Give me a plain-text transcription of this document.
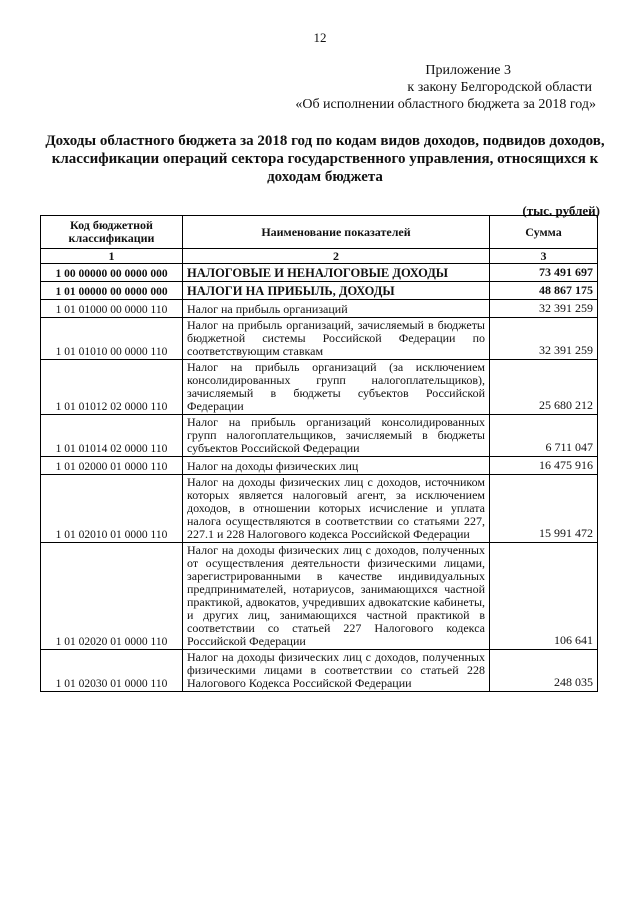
12
Приложение 3
к закону Белгородской области
«Об исполнении областного бюджета за 2018 год»
Доходы областного бюджета за 2018 год по кодам видов доходов, подвидов доходов, классификации операций сектора государственного управления, относящихся к доходам бюджета
(тыс. рублей)
Код бюджетной классификации	Наименование показателей	Сумма
1	2	3
1 00 00000 00 0000 000	НАЛОГОВЫЕ И НЕНАЛОГОВЫЕ ДОХОДЫ	73 491 697
1 01 00000 00 0000 000	НАЛОГИ НА ПРИБЫЛЬ, ДОХОДЫ	48 867 175
1 01 01000 00 0000 110	Налог на прибыль организаций	32 391 259
1 01 01010 00 0000 110	Налог на прибыль организаций, зачисляемый в бюджеты бюджетной системы Российской Федерации по соответствующим ставкам	32 391 259
1 01 01012 02 0000 110	Налог на прибыль организаций (за исключением консолидированных групп налогоплательщиков), зачисляемый в бюджеты субъектов Российской Федерации	25 680 212
1 01 01014 02 0000 110	Налог на прибыль организаций консолидированных групп налогоплательщиков, зачисляемый в бюджеты субъектов Российской Федерации	6 711 047
1 01 02000 01 0000 110	Налог на доходы физических лиц	16 475 916
1 01 02010 01 0000 110	Налог на доходы физических лиц с доходов, источником которых является налоговый агент, за исключением доходов, в отношении которых исчисление и уплата налога осуществляются в соответствии со статьями 227, 227.1 и 228 Налогового кодекса Российской Федерации	15 991 472
1 01 02020 01 0000 110	Налог на доходы физических лиц с доходов, полученных от осуществления деятельности физическими лицами, зарегистрированными в качестве индивидуальных предпринимателей, нотариусов, занимающихся частной практикой, адвокатов, учредивших адвокатские кабинеты, и других лиц, занимающихся частной практикой в соответствии со статьей 227 Налогового кодекса Российской Федерации	106 641
1 01 02030 01 0000 110	Налог на доходы физических лиц с доходов, полученных физическими лицами в соответствии со статьей 228 Налогового Кодекса Российской Федерации	248 035
